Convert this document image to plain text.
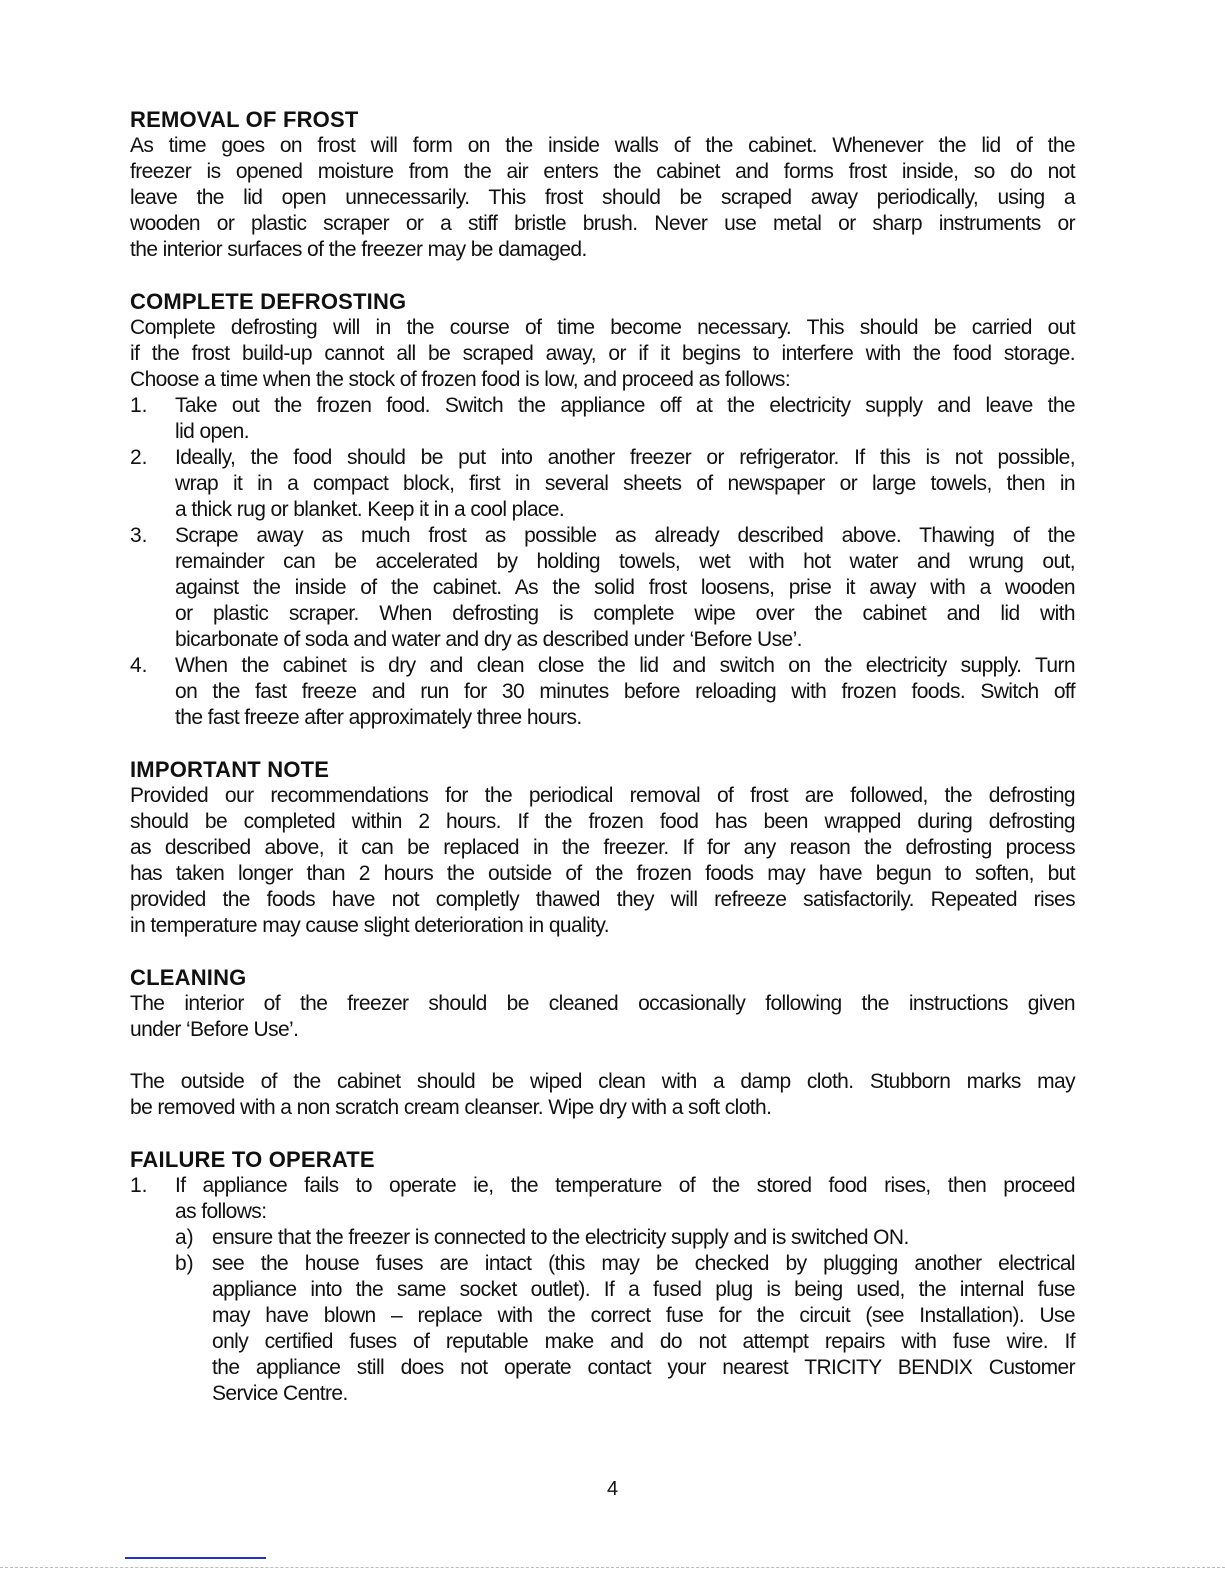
REMOVAL OF FROST
As time goes on frost will form on the inside walls of the cabinet. Whenever the lid of the
freezer is opened moisture from the air enters the cabinet and forms frost inside, so do not
leave the lid open unnecessarily. This frost should be scraped away periodically, using a
wooden or plastic scraper or a stiff bristle brush. Never use metal or sharp instruments or
the interior surfaces of the freezer may be damaged.
COMPLETE DEFROSTING
Complete defrosting will in the course of time become necessary. This should be carried out
if the frost build-up cannot all be scraped away, or if it begins to interfere with the food storage.
Choose a time when the stock of frozen food is low, and proceed as follows:
1. Take out the frozen food. Switch the appliance off at the electricity supply and leave the
lid open.
2. Ideally, the food should be put into another freezer or refrigerator. If this is not possible,
wrap it in a compact block, first in several sheets of newspaper or large towels, then in
a thick rug or blanket. Keep it in a cool place.
3. Scrape away as much frost as possible as already described above. Thawing of the
remainder can be accelerated by holding towels, wet with hot water and wrung out,
against the inside of the cabinet. As the solid frost loosens, prise it away with a wooden
or plastic scraper. When defrosting is complete wipe over the cabinet and lid with
bicarbonate of soda and water and dry as described under ‘Before Use’.
4. When the cabinet is dry and clean close the lid and switch on the electricity supply. Turn
on the fast freeze and run for 30 minutes before reloading with frozen foods. Switch off
the fast freeze after approximately three hours.
IMPORTANT NOTE
Provided our recommendations for the periodical removal of frost are followed, the defrosting
should be completed within 2 hours. If the frozen food has been wrapped during defrosting
as described above, it can be replaced in the freezer. If for any reason the defrosting process
has taken longer than 2 hours the outside of the frozen foods may have begun to soften, but
provided the foods have not completly thawed they will refreeze satisfactorily. Repeated rises
in temperature may cause slight deterioration in quality.
CLEANING
The interior of the freezer should be cleaned occasionally following the instructions given
under ‘Before Use’.
The outside of the cabinet should be wiped clean with a damp cloth. Stubborn marks may
be removed with a non scratch cream cleanser. Wipe dry with a soft cloth.
FAILURE TO OPERATE
1. If appliance fails to operate ie, the temperature of the stored food rises, then proceed
as follows:
a) ensure that the freezer is connected to the electricity supply and is switched ON.
b) see the house fuses are intact (this may be checked by plugging another electrical
appliance into the same socket outlet). If a fused plug is being used, the internal fuse
may have blown – replace with the correct fuse for the circuit (see Installation). Use
only certified fuses of reputable make and do not attempt repairs with fuse wire. If
the appliance still does not operate contact your nearest TRICITY BENDIX Customer
Service Centre.
4
